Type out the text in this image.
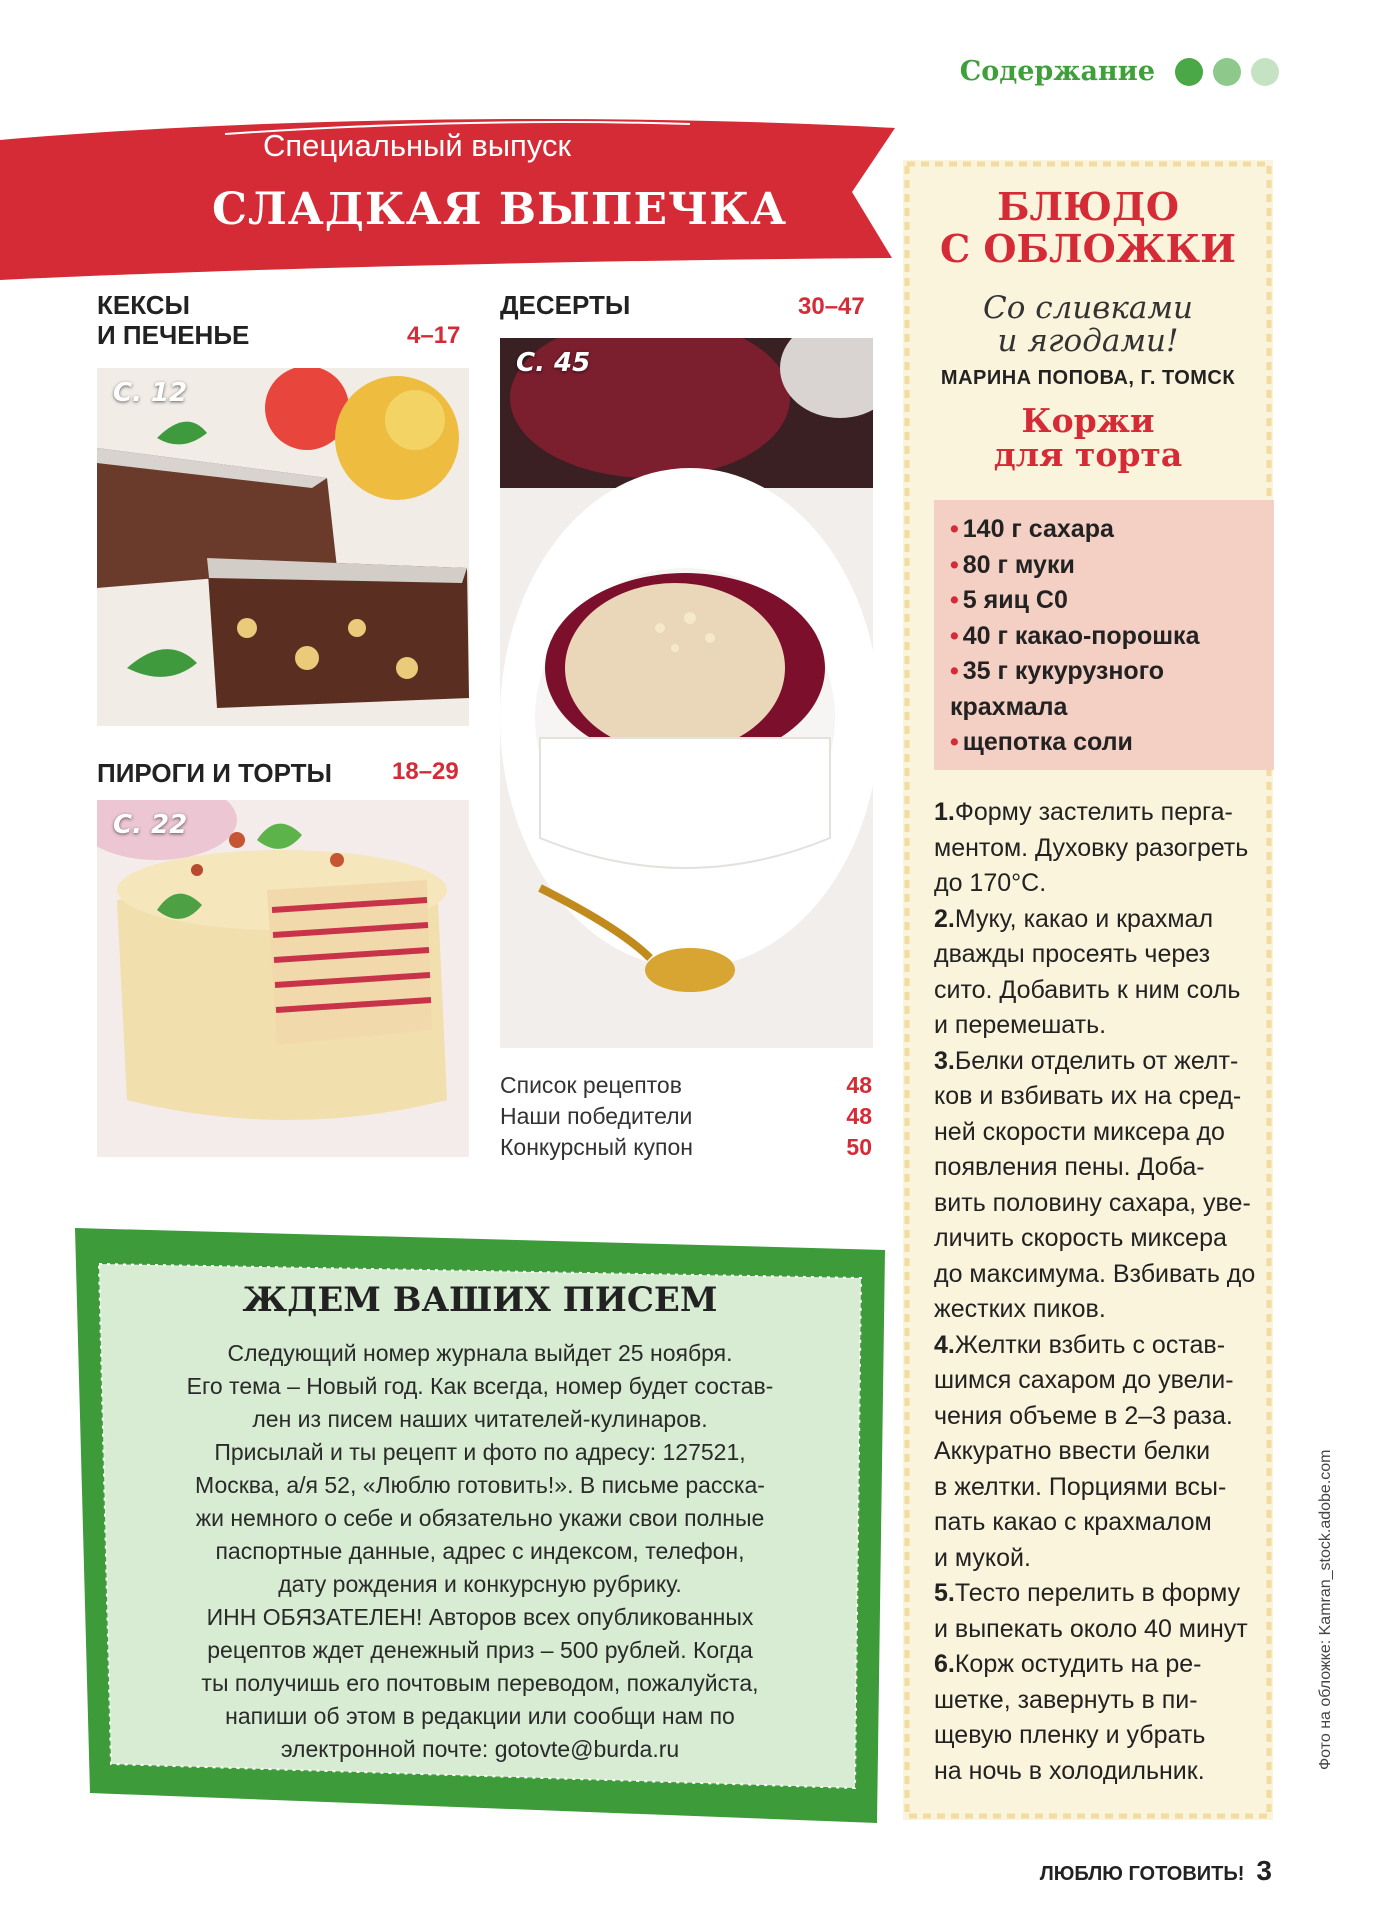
Содержание
Специальный выпуск
СЛАДКАЯ ВЫПЕЧКА
КЕКСЫ
И ПЕЧЕНЬЕ	4–17
С. 12
ДЕСЕРТЫ	30–47
С. 45
ПИРОГИ И ТОРТЫ	18–29
С. 22
Список рецептов	48
Наши победители	48
Конкурсный купон	50
ЖДЕМ ВАШИХ ПИСЕМ
Следующий номер журнала выйдет 25 ноября.
Его тема – Новый год. Как всегда, номер будет состав-
лен из писем наших читателей-кулинаров.
Присылай и ты рецепт и фото по адресу: 127521,
Москва, а/я 52, «Люблю готовить!». В письме расска-
жи немного о себе и обязательно укажи свои полные
паспортные данные, адрес с индексом, телефон,
дату рождения и конкурсную рубрику.
ИНН ОБЯЗАТЕЛЕН! Авторов всех опубликованных
рецептов ждет денежный приз – 500 рублей. Когда
ты получишь его почтовым переводом, пожалуйста,
напиши об этом в редакции или сообщи нам по
электронной почте: gotovte@burda.ru
БЛЮДО
С ОБЛОЖКИ
Со сливками
и ягодами!
МАРИНА ПОПОВА, Г. ТОМСК
Коржи
для торта
• 140 г сахара
• 80 г муки
• 5 яиц С0
• 40 г какао-порошка
• 35 г кукурузного крахмала
• щепотка соли
1.Форму застелить перга-
ментом. Духовку разогреть
до 170°С.
2.Муку, какао и крахмал
дважды просеять через
сито. Добавить к ним соль
и перемешать.
3.Белки отделить от желт-
ков и взбивать их на сред-
ней скорости миксера до
появления пены. Доба-
вить половину сахара, уве-
личить скорость миксера
до максимума. Взбивать до
жестких пиков.
4.Желтки взбить с остав-
шимся сахаром до увели-
чения объеме в 2–3 раза.
Аккуратно ввести белки
в желтки. Порциями всы-
пать какао с крахмалом
и мукой.
5.Тесто перелить в форму
и выпекать около 40 минут
6.Корж остудить на ре-
шетке, завернуть в пи-
щевую пленку и убрать
на ночь в холодильник.
Фото на обложке: Kamran_stock.adobe.com
ЛЮБЛЮ ГОТОВИТЬ! 3
